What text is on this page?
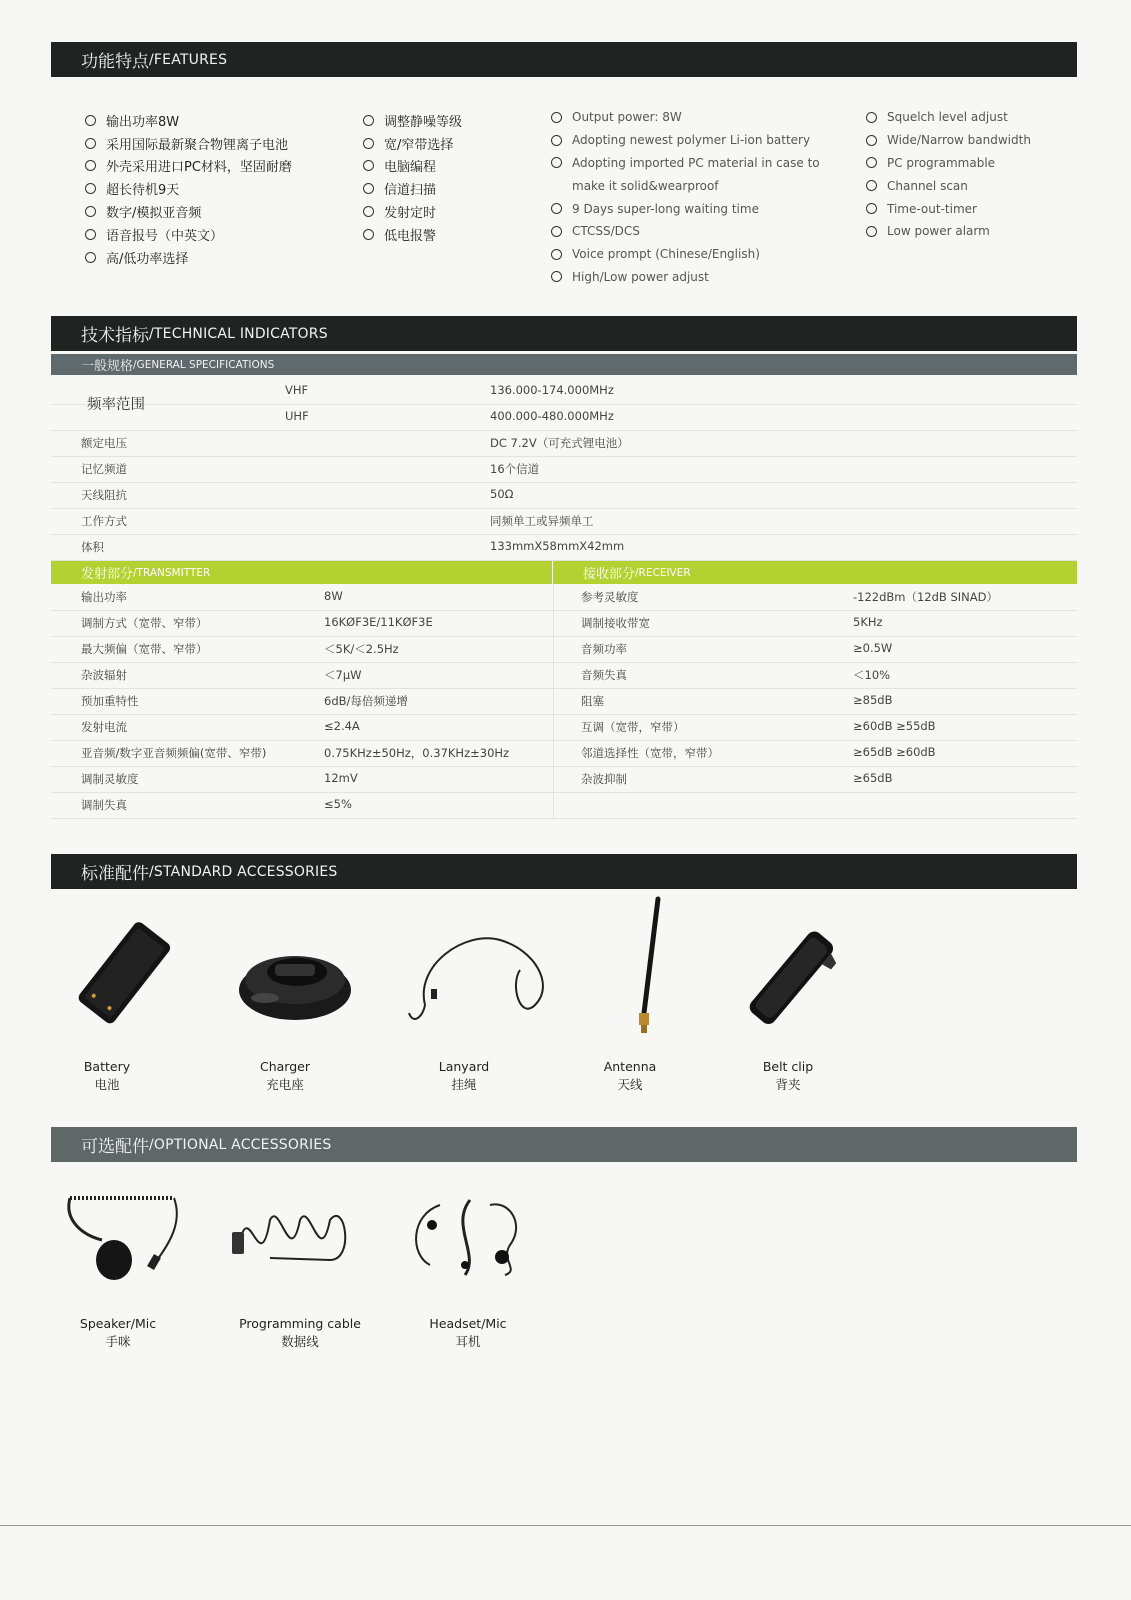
功能特点 /FEATURES
输出功率8W
采用国际最新聚合物锂离子电池
外壳采用进口PC材料，坚固耐磨
超长待机9天
数字/模拟亚音频
语音报号（中英文）
高/低功率选择
调整静噪等级
宽/窄带选择
电脑编程
信道扫描
发射定时
低电报警
Output power: 8W
Adopting newest polymer Li-ion battery
Adopting imported PC material in case to
make it solid&wearproof
9 Days super-long waiting time
CTCSS/DCS
Voice prompt (Chinese/English)
High/Low power adjust
Squelch level adjust
Wide/Narrow bandwidth
PC programmable
Channel scan
Time-out-timer
Low power alarm
技术指标 /TECHNICAL INDICATORS
一般规格 /GENERAL SPECIFICATIONS
频率范围
VHF	136.000-174.000MHz
UHF	400.000-480.000MHz
额定电压	DC 7.2V（可充式锂电池）
记忆频道	16个信道
天线阻抗	50Ω
工作方式	同频单工或异频单工
体积	133mmX58mmX42mm
发射部分 /TRANSMITTER	接收部分 /RECEIVER
输出功率	8W	参考灵敏度	-122dBm（12dB SINAD）
调制方式（宽带、窄带）	16KØF3E/11KØF3E	调制接收带宽	5KHz
最大频偏（宽带、窄带）	＜5K/＜2.5Hz	音频功率	≥0.5W
杂波辐射	＜7μW	音频失真	＜10%
预加重特性	6dB/每倍频递增	阻塞	≥85dB
发射电流	≤2.4A	互调（宽带，窄带）	≥60dB ≥55dB
亚音频/数字亚音频频偏(宽带、窄带)	0.75KHz±50Hz，0.37KHz±30Hz	邻道选择性（宽带，窄带）	≥65dB ≥60dB
调制灵敏度	12mV	杂波抑制	≥65dB
调制失真	≤5%
标准配件 /STANDARD ACCESSORIES
Battery
电池
Charger
充电座
Lanyard
挂绳
Antenna
天线
Belt clip
背夹
可选配件 /OPTIONAL ACCESSORIES
Speaker/Mic
手咪
Programming cable
数据线
Headset/Mic
耳机
